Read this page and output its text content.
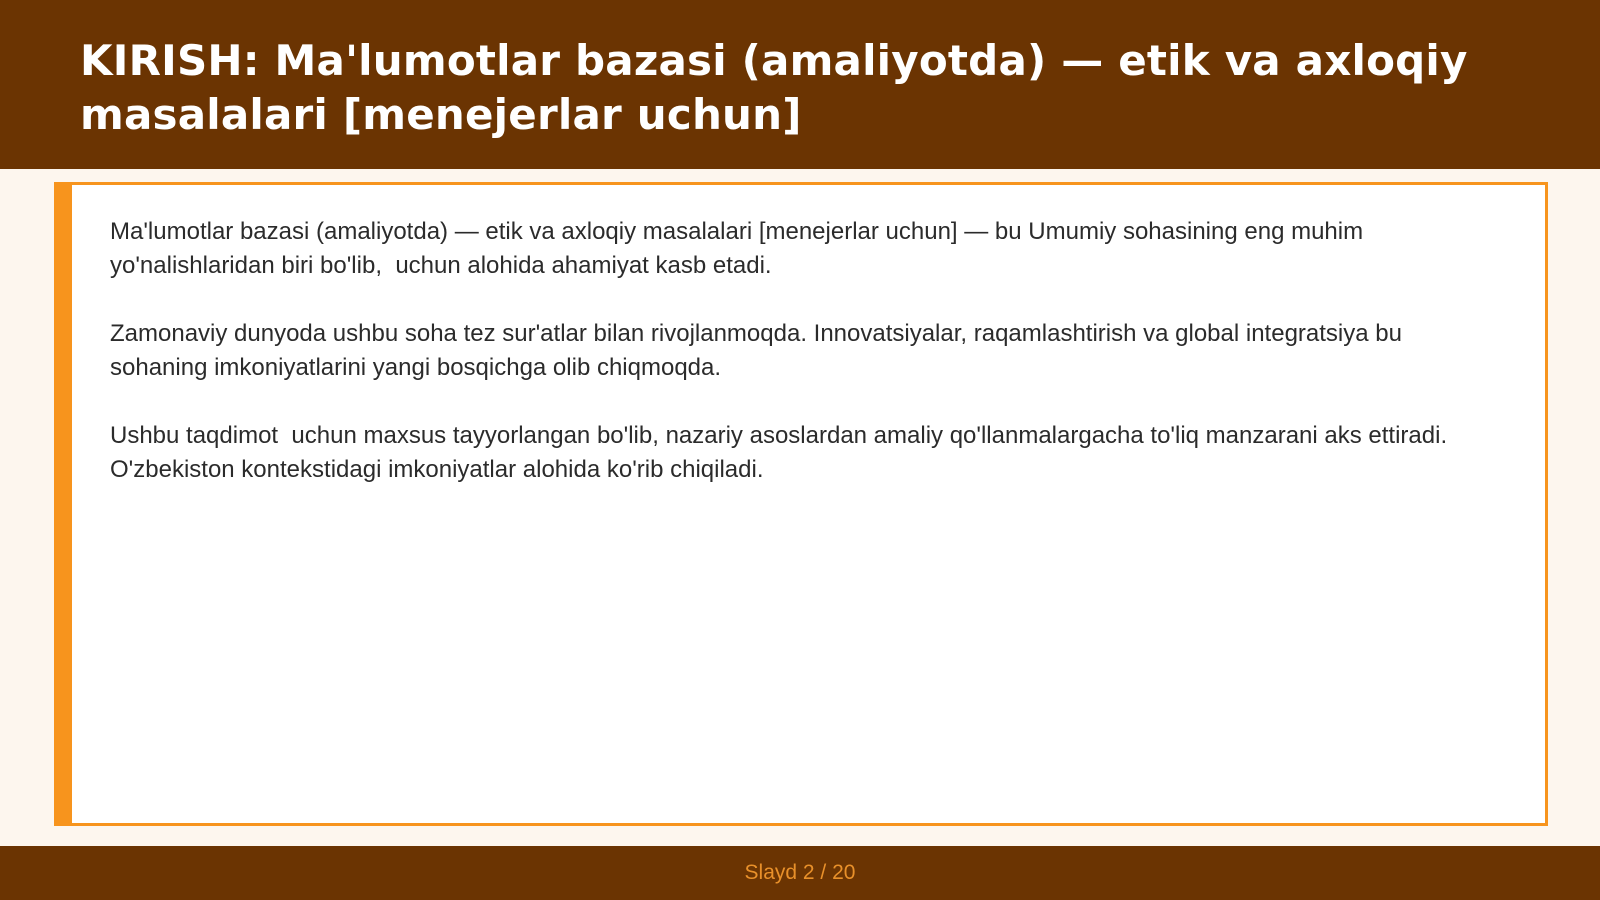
KIRISH: Ma'lumotlar bazasi (amaliyotda) — etik va axloqiy masalalari [menejerlar uchun]

Ma'lumotlar bazasi (amaliyotda) — etik va axloqiy masalalari [menejerlar uchun] — bu Umumiy sohasining eng muhim yo'nalishlaridan biri bo'lib,  uchun alohida ahamiyat kasb etadi.

Zamonaviy dunyoda ushbu soha tez sur'atlar bilan rivojlanmoqda. Innovatsiyalar, raqamlashtirish va global integratsiya bu sohaning imkoniyatlarini yangi bosqichga olib chiqmoqda.

Ushbu taqdimot  uchun maxsus tayyorlangan bo'lib, nazariy asoslardan amaliy qo'llanmalargacha to'liq manzarani aks ettiradi. O'zbekiston kontekstidagi imkoniyatlar alohida ko'rib chiqiladi.

Slayd 2 / 20
